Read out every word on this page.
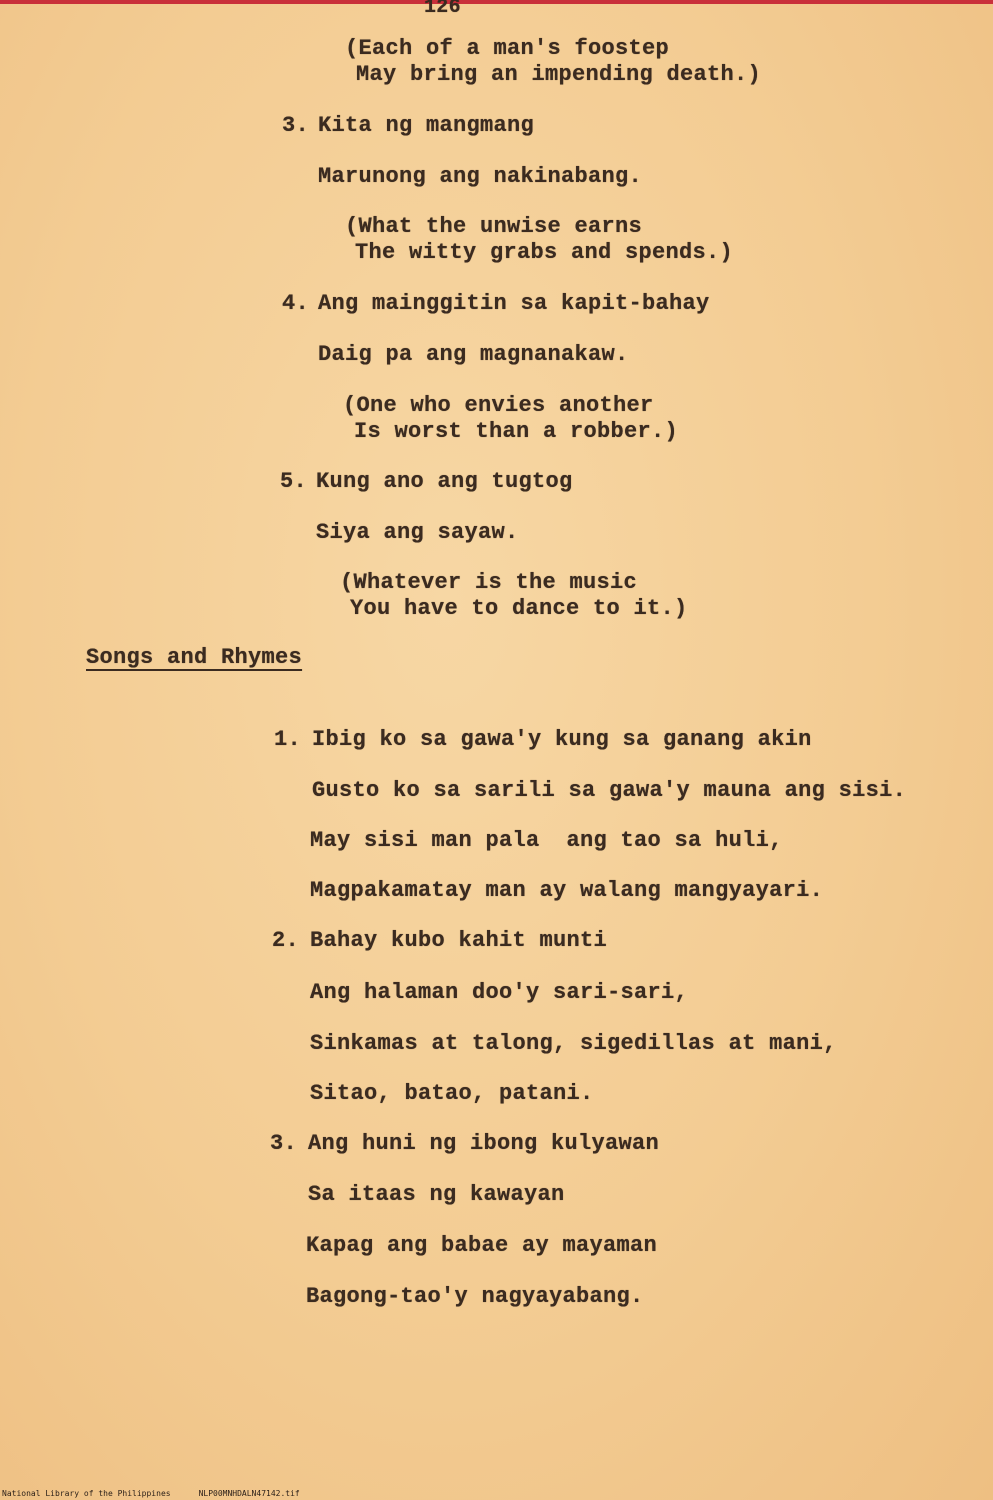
126
(Each of a man's foostep
May bring an impending death.)
3. Kita ng mangmang
Marunong ang nakinabang.
(What the unwise earns
The witty grabs and spends.)
4. Ang mainggitin sa kapit-bahay
Daig pa ang magnanakaw.
(One who envies another
Is worst than a robber.)
5. Kung ano ang tugtog
Siya ang sayaw.
(Whatever is the music
You have to dance to it.)
Songs and Rhymes
1. Ibig ko sa gawa'y kung sa ganang akin
Gusto ko sa sarili sa gawa'y mauna ang sisi.
May sisi man pala  ang tao sa huli,
Magpakamatay man ay walang mangyayari.
2. Bahay kubo kahit munti
Ang halaman doo'y sari-sari,
Sinkamas at talong, sigedillas at mani,
Sitao, batao, patani.
3. Ang huni ng ibong kulyawan
Sa itaas ng kawayan
Kapag ang babae ay mayaman
Bagong-tao'y nagyayabang.
National Library of the Philippines	NLP00MNHDALN47142.tif
